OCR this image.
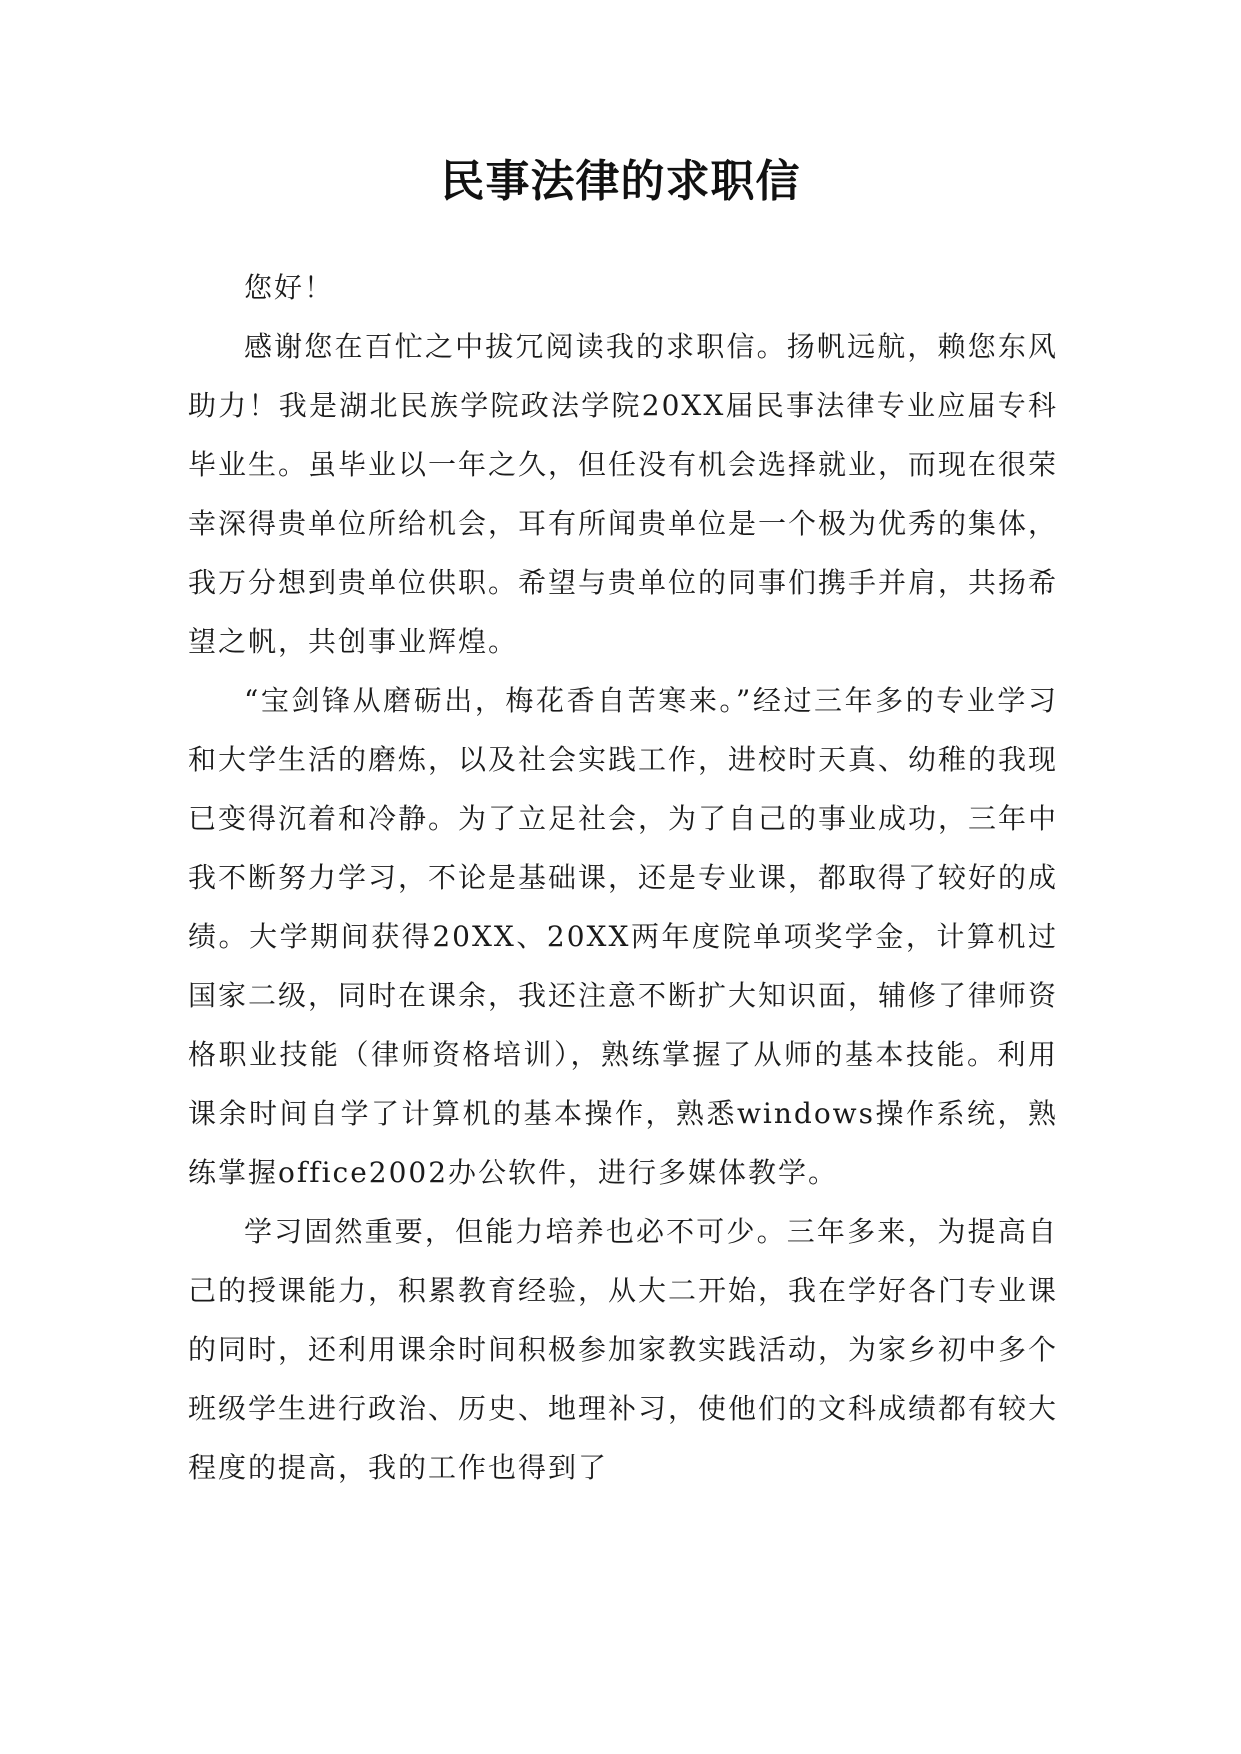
民事法律的求职信

您好！

感谢您在百忙之中拔冗阅读我的求职信。扬帆远航，赖您东风助力！我是湖北民族学院政法学院20XX届民事法律专业应届专科毕业生。虽毕业以一年之久，但任没有机会选择就业，而现在很荣幸深得贵单位所给机会，耳有所闻贵单位是一个极为优秀的集体，我万分想到贵单位供职。希望与贵单位的同事们携手并肩，共扬希望之帆，共创事业辉煌。

“宝剑锋从磨砺出，梅花香自苦寒来。”经过三年多的专业学习和大学生活的磨炼，以及社会实践工作，进校时天真、幼稚的我现已变得沉着和冷静。为了立足社会，为了自己的事业成功，三年中我不断努力学习，不论是基础课，还是专业课，都取得了较好的成绩。大学期间获得20XX、20XX两年度院单项奖学金，计算机过国家二级，同时在课余，我还注意不断扩大知识面，辅修了律师资格职业技能（律师资格培训），熟练掌握了从师的基本技能。利用课余时间自学了计算机的基本操作，熟悉windows操作系统，熟练掌握office2002办公软件，进行多媒体教学。

学习固然重要，但能力培养也必不可少。三年多来，为提高自己的授课能力，积累教育经验，从大二开始，我在学好各门专业课的同时，还利用课余时间积极参加家教实践活动，为家乡初中多个班级学生进行政治、历史、地理补习，使他们的文科成绩都有较大程度的提高，我的工作也得到了
